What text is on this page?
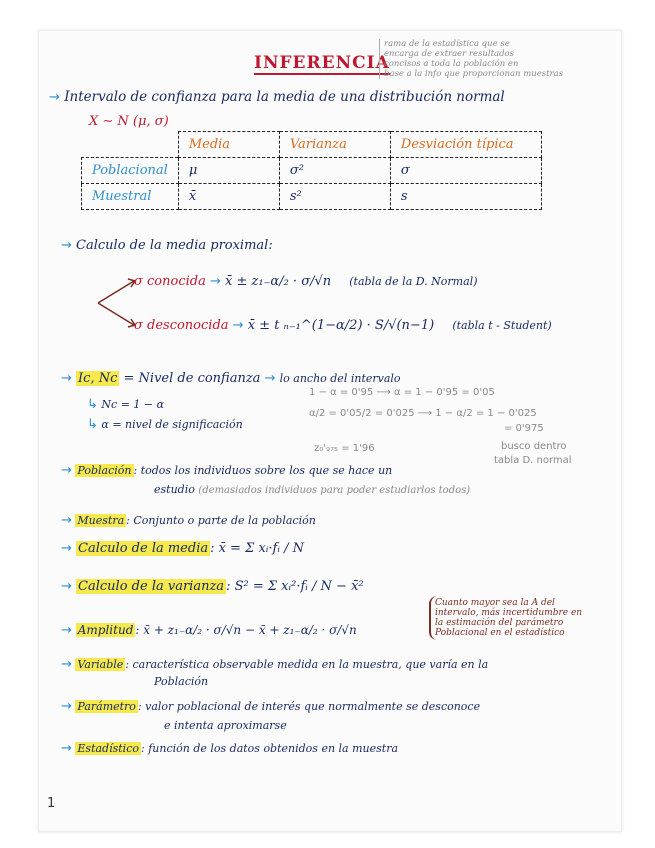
INFERENCIA
rama de la estadística que se
encarga de extraer resultados
concisos a toda la población en
base a la info que proporcionan muestras
→ Intervalo de confianza para la media de una distribución normal
X ∼ N (μ, σ)
	Media	Varianza	Desviación típica
Poblacional	μ	σ²	σ
Muestral	x̄	s²	s
→ Calculo de la media proximal:
σ conocida → x̄ ± z₁₋α/₂ · σ/√n (tabla de la D. Normal)
σ desconocida → x̄ ± t ₙ₋₁^(1−α/2) · S/√(n−1) (tabla t - Student)
→ Ic, Nc = Nivel de confianza → lo ancho del intervalo
↳ Nc = 1 − α
↳ α = nivel de significación
1 − α = 0'95 ⟶ α = 1 − 0'95 = 0'05
α/2 = 0'05/2 = 0'025 ⟶ 1 − α/2 = 1 − 0'025
= 0'975
z₀'₉₇₅ = 1'96	busco dentro
tabla D. normal
→ Población : todos los individuos sobre los que se hace un
estudio (demasiados individuos para poder estudiarlos todos)
→ Muestra : Conjunto o parte de la población
→ Calculo de la media : x̄ = Σ xᵢ·fᵢ / N
→ Calculo de la varianza : S² = Σ xᵢ²·fᵢ / N − x̄²
→ Amplitud : x̄ + z₁₋α/₂ · σ/√n − x̄ + z₁₋α/₂ · σ/√n
Cuanto mayor sea la A del
intervalo, más incertidumbre en
la estimación del parámetro
Poblacional en el estadístico
→ Variable : característica observable medida en la muestra, que varía en la
Población
→ Parámetro : valor poblacional de interés que normalmente se desconoce
e intenta aproximarse
→ Estadístico : función de los datos obtenidos en la muestra
1
